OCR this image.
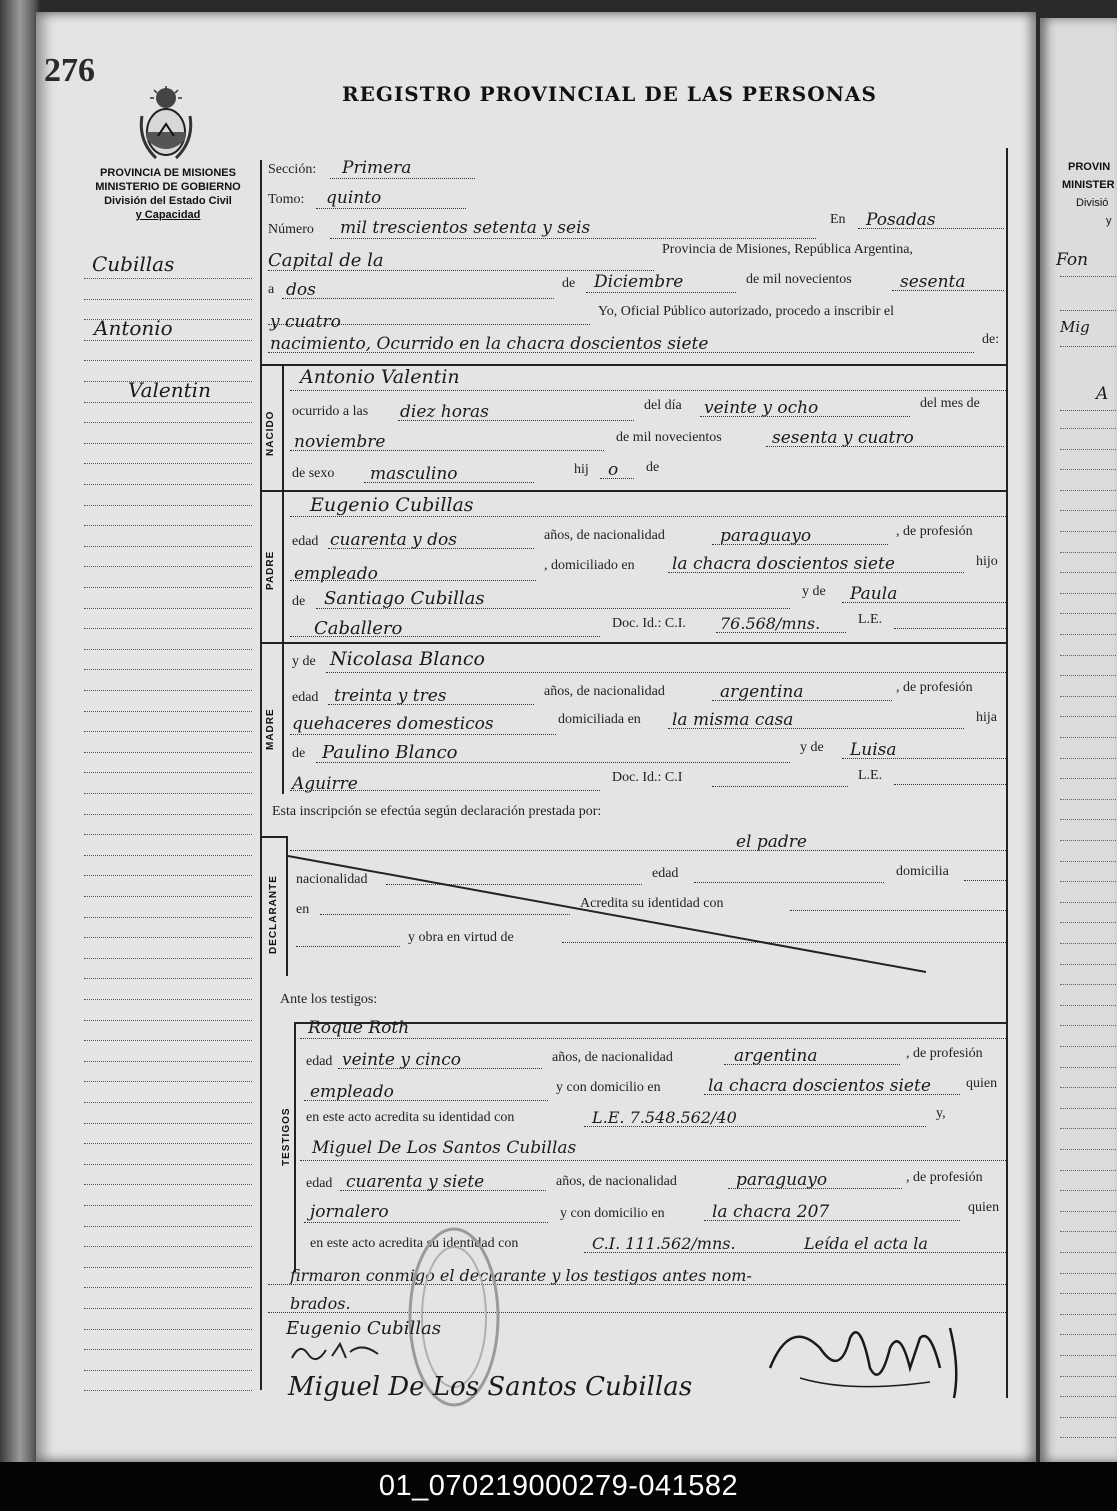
PROVIN
MINISTER
Divisió
y
Fon
Mig
A
276
REGISTRO PROVINCIAL DE LAS PERSONAS
PROVINCIA DE MISIONES
MINISTERIO DE GOBIERNO
División del Estado Civil
y Capacidad
Cubillas
Antonio
Valentin
Sección: Primera
Tomo: quinto
Número mil trescientos setenta y seis	En Posadas
Capital de la
Provincia de Misiones, República Argentina,
a dos	de Diciembre	de mil novecientos	sesenta
y cuatro
Yo, Oficial Público autorizado, procedo a inscribir el
nacimiento, Ocurrido en la chacra doscientos siete	de:
NACIDO
Antonio Valentin
ocurrido a las diez horas	del día veinte y ocho	del mes de
noviembre	de mil novecientos	sesenta y cuatro
de sexo masculino	hij o de
PADRE
Eugenio Cubillas
edad cuarenta y dos	años, de nacionalidad	paraguayo	, de profesión
empleado	, domiciliado en la chacra doscientos siete	hijo
de Santiago Cubillas	y de Paula
Caballero	Doc. Id.: C.I. 76.568/mns.	L.E.
MADRE
y de Nicolasa Blanco
edad treinta y tres	años, de nacionalidad	argentina	, de profesión
quehaceres domesticos	domiciliada en la misma casa	hija
de Paulino Blanco	y de Luisa
Aguirre	Doc. Id.: C.I	L.E.
Esta inscripción se efectúa según declaración prestada por:
el padre
DECLARANTE nacionalidad	edad	domicilia
en	Acredita su identidad con
y obra en virtud de
Ante los testigos:
TESTIGOS
Roque Roth
edad veinte y cinco	años, de nacionalidad	argentina	, de profesión
empleado	y con domicilio en	la chacra doscientos siete	quien
en este acto acredita su identidad con	L.E. 7.548.562/40	y,
Miguel De Los Santos Cubillas
edad cuarenta y siete	años, de nacionalidad	paraguayo	, de profesión
jornalero	y con domicilio en	la chacra 207	quien
en este acto acredita su identidad con	C.I. 111.562/mns.	Leída el acta la
firmaron conmigo el declarante y los testigos antes nom-
brados.
Eugenio Cubillas
Miguel De Los Santos Cubillas
01_070219000279-041582
